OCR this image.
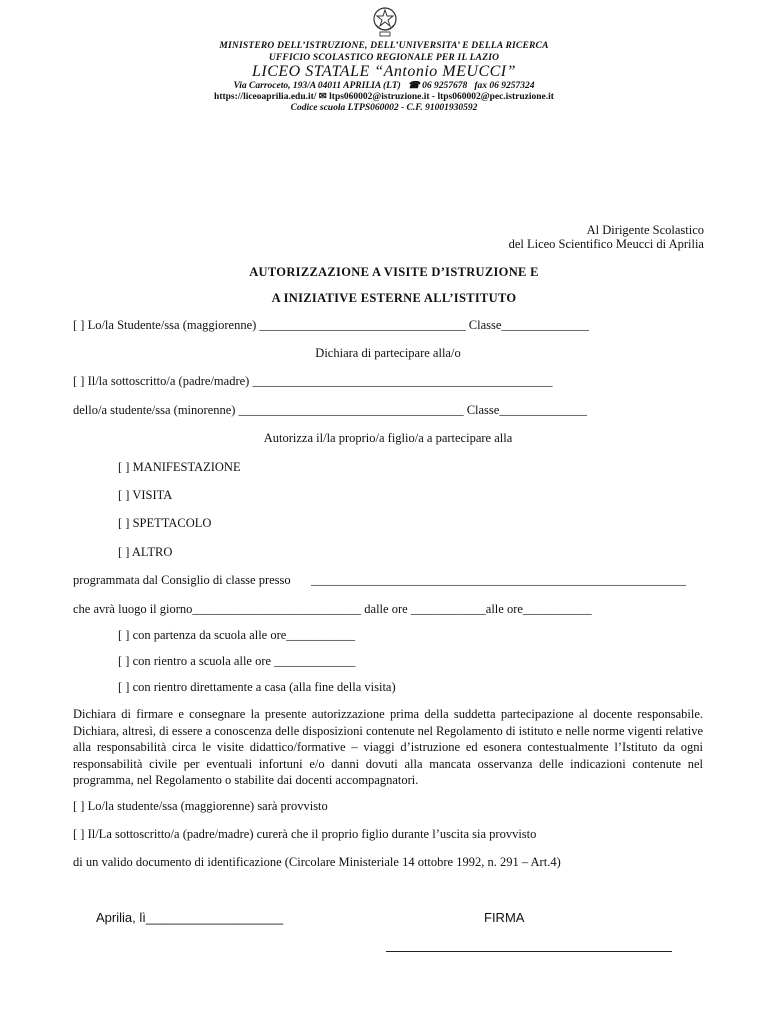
MINISTERO DELL’ISTRUZIONE, DELL’UNIVERSITA’ E DELLA RICERCA
UFFICIO SCOLASTICO REGIONALE PER IL LAZIO
LICEO STATALE “Antonio MEUCCI”
Via Carroceto, 193/A 04011 APRILIA (LT) ☎ 06 9257678 fax 06 9257324
https://liceoaprilia.edu.it/ ✉ ltps060002@istruzione.it - ltps060002@pec.istruzione.it
Codice scuola LTPS060002 - C.F. 91001930592
Al Dirigente Scolastico
del Liceo Scientifico Meucci di Aprilia
AUTORIZZAZIONE A VISITE D’ISTRUZIONE E
A INIZIATIVE ESTERNE ALL’ISTITUTO
[ ] Lo/la Studente/ssa (maggiorenne) _________________________________ Classe______________
Dichiara di partecipare alla/o
[ ] Il/la sottoscritto/a (padre/madre) ________________________________________________
dello/a studente/ssa (minorenne) ____________________________________ Classe______________
Autorizza il/la proprio/a figlio/a a partecipare alla
[ ] MANIFESTAZIONE
[ ] VISITA
[ ] SPETTACOLO
[ ] ALTRO
programmata dal Consiglio di classe presso ____________________________________________________________
che avrà luogo il giorno___________________________ dalle ore ____________alle ore___________
[ ] con partenza da scuola alle ore___________
[ ] con rientro a scuola alle ore _____________
[ ] con rientro direttamente a casa (alla fine della visita)
Dichiara di firmare e consegnare la presente autorizzazione prima della suddetta partecipazione al docente responsabile. Dichiara, altresì, di essere a conoscenza delle disposizioni contenute nel Regolamento di istituto e nelle norme vigenti relative alla responsabilità circa le visite didattico/formative – viaggi d’istruzione ed esonera contestualmente l’Istituto da ogni responsabilità civile per eventuali infortuni e/o danni dovuti alla mancata osservanza delle indicazioni contenute nel programma, nel Regolamento o stabilite dai docenti accompagnatori.
[ ] Lo/la studente/ssa (maggiorenne) sarà provvisto
[ ] Il/La sottoscritto/a (padre/madre) curerà che il proprio figlio durante l’uscita sia provvisto
di un valido documento di identificazione (Circolare Ministeriale 14 ottobre 1992, n. 291 – Art.4)
Aprilia, lì___________________	FIRMA
